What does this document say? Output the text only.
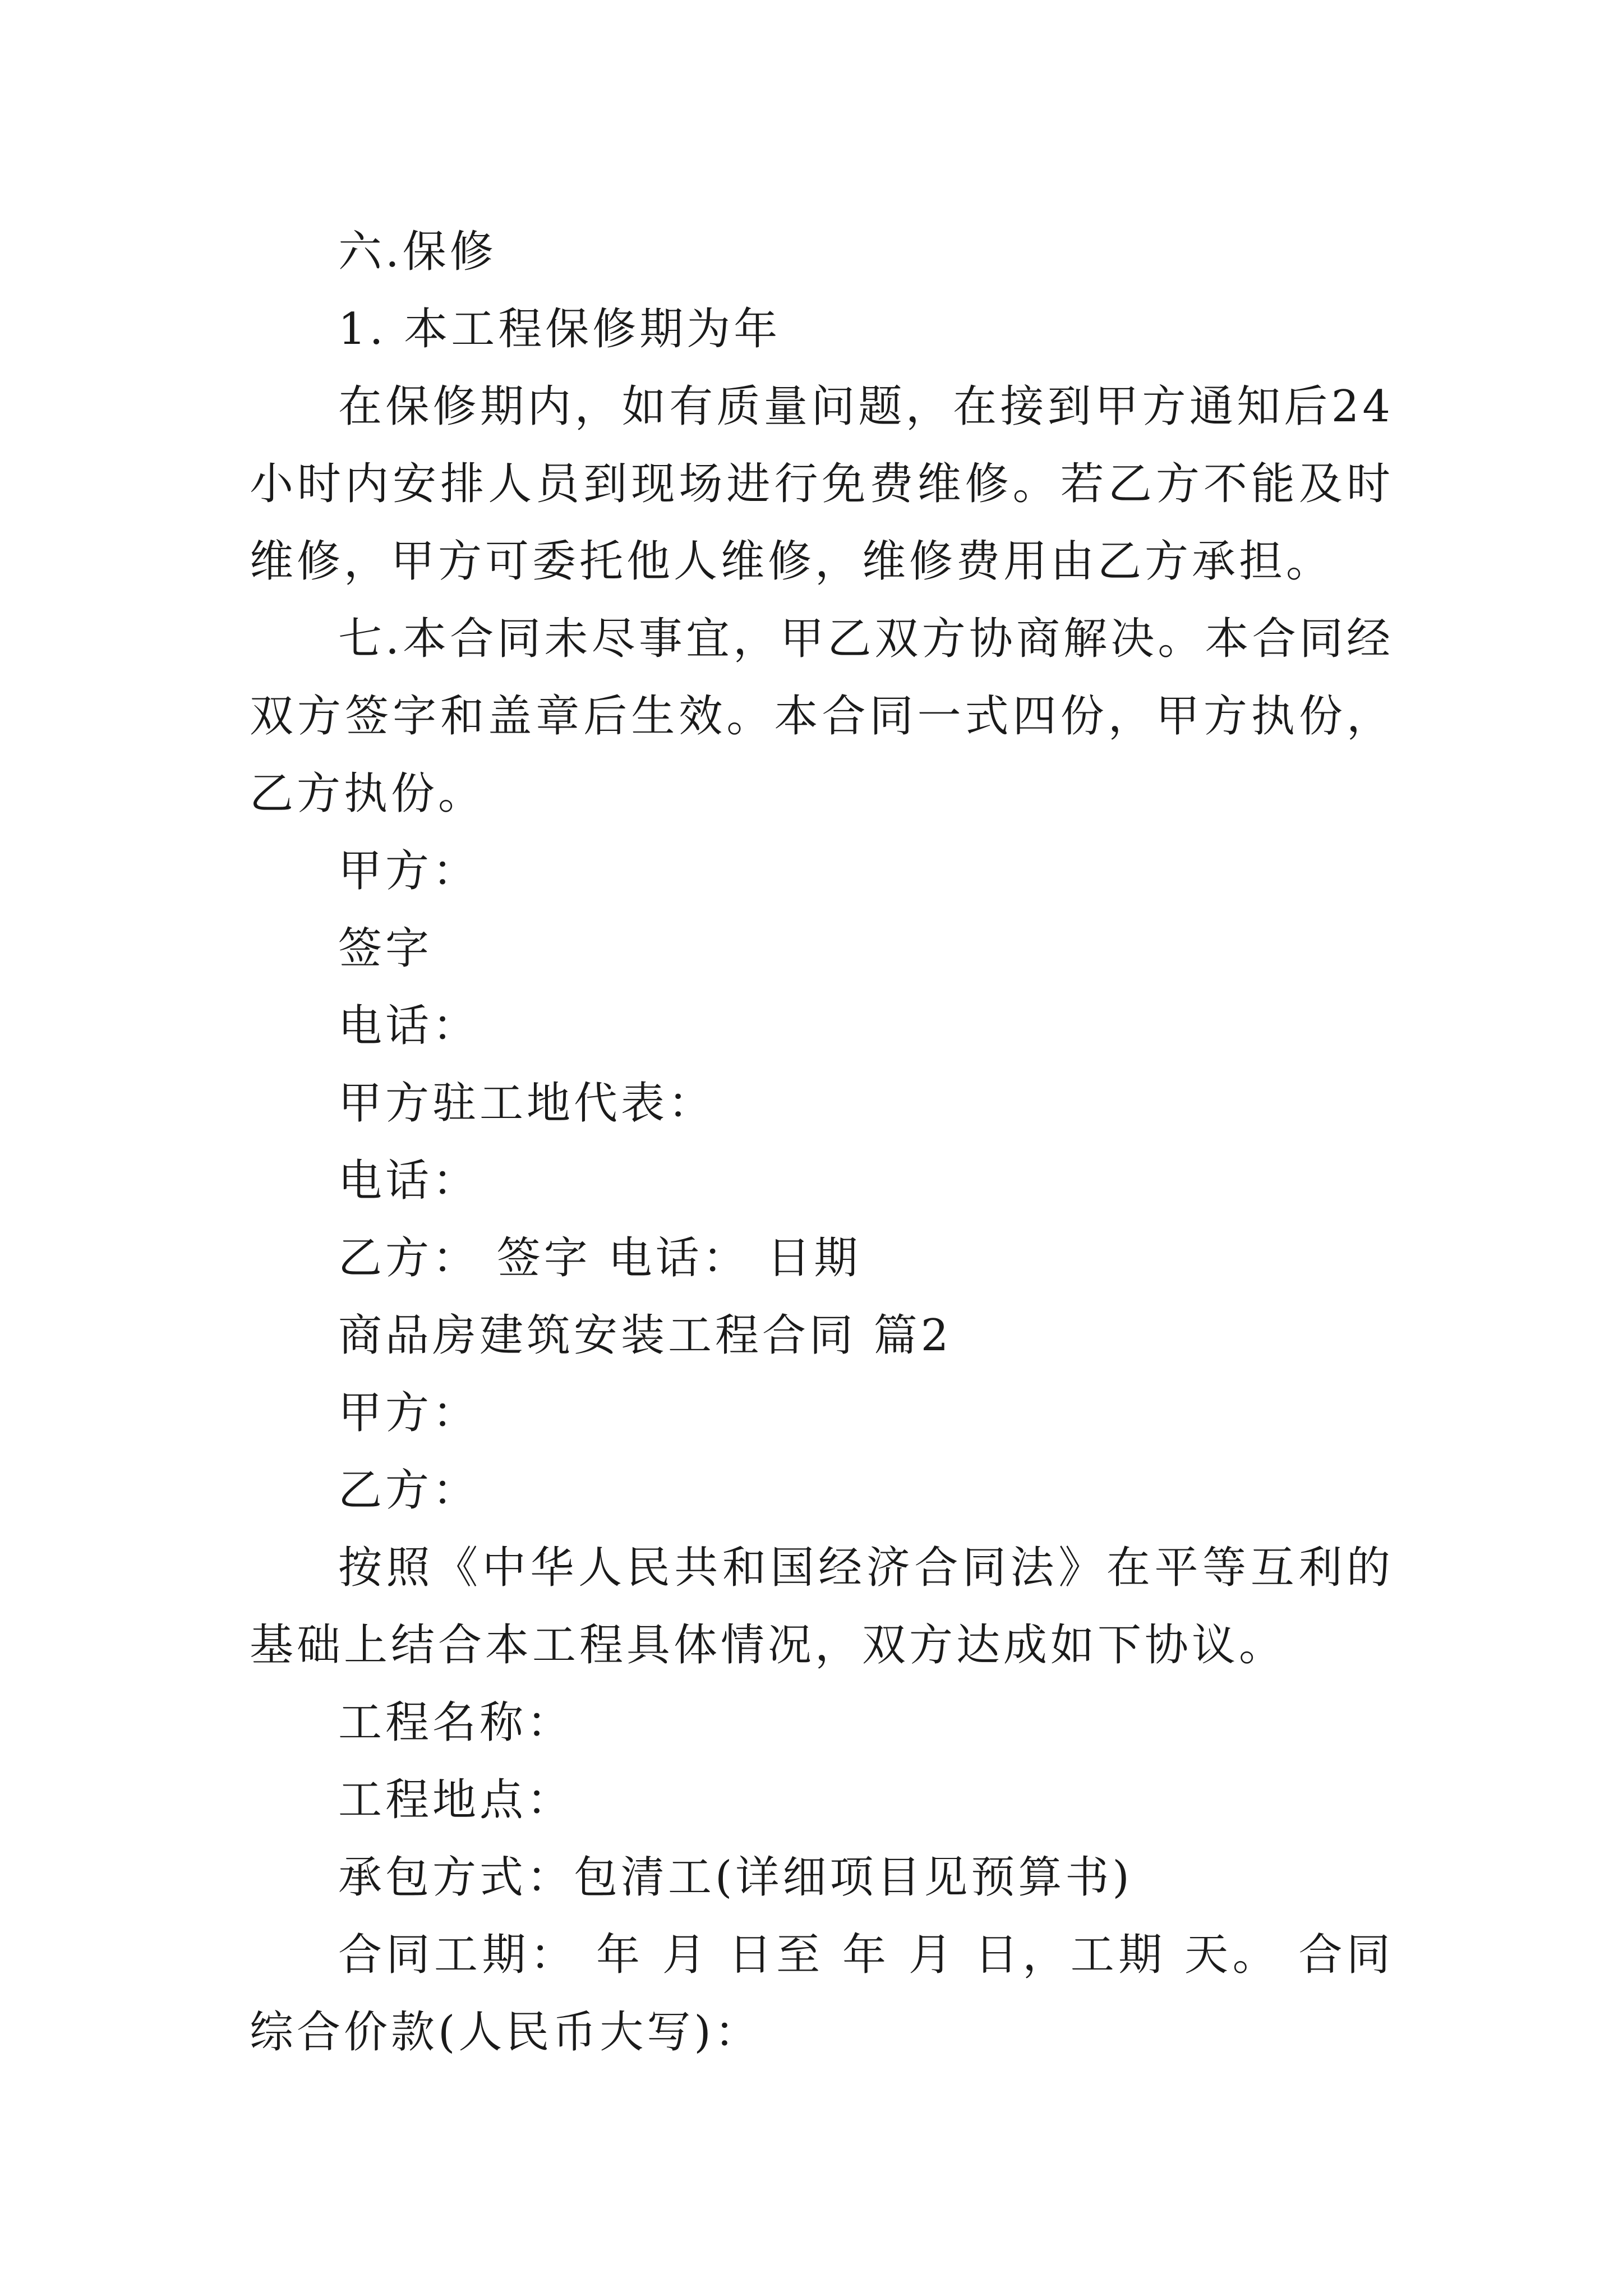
六.保修

1. 本工程保修期为年

在保修期内，如有质量问题，在接到甲方通知后24小时内安排人员到现场进行免费维修。若乙方不能及时维修，甲方可委托他人维修，维修费用由乙方承担。

七.本合同未尽事宜，甲乙双方协商解决。本合同经双方签字和盖章后生效。本合同一式四份，甲方执份，乙方执份。

甲方：

签字

电话：

甲方驻工地代表：

电话：

乙方： 签字 电话： 日期

商品房建筑安装工程合同 篇2

甲方：

乙方：

按照《中华人民共和国经济合同法》在平等互利的基础上结合本工程具体情况，双方达成如下协议。

工程名称：

工程地点：

承包方式：包清工(详细项目见预算书)

合同工期： 年 月 日至 年 月 日，工期 天。 合同综合价款(人民币大写)：
